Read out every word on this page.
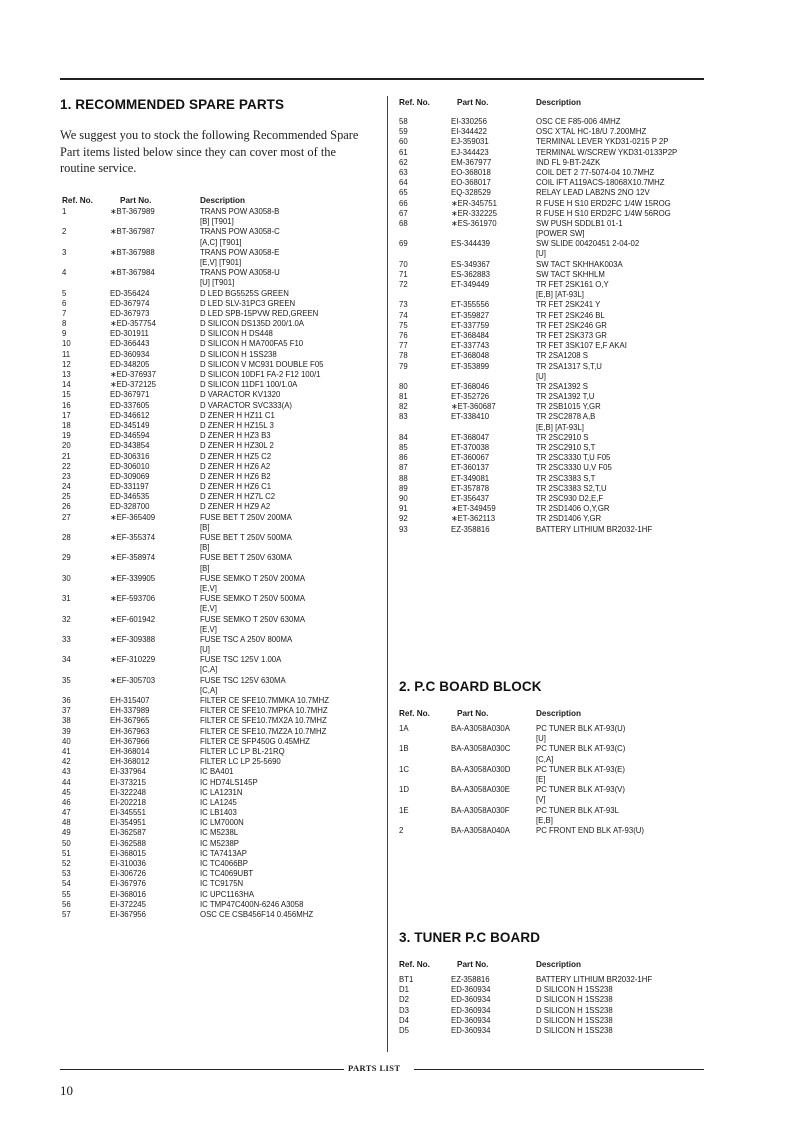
1. RECOMMENDED SPARE PARTS
We suggest you to stock the following Recommended Spare Part items listed below since they can cover most of the routine service.
Ref. No.	Part No.	Description
1	∗BT-367989	TRANS POW A3058-B
[B] [T901]
2	∗BT-367987	TRANS POW A3058-C
[A,C] [T901]
3	∗BT-367988	TRANS POW A3058-E
[E,V] [T901]
4	∗BT-367984	TRANS POW A3058-U
[U] [T901]
5	ED-356424	D LED BG5525S GREEN
6	ED-367974	D LED SLV-31PC3 GREEN
7	ED-367973	D LED SPB-15PVW RED,GREEN
8	∗ED-357754	D SILICON DS135D 200/1.0A
9	ED-301911	D SILICON H DS448
10	ED-366443	D SILICON H MA700FA5 F10
11	ED-360934	D SILICON H 1SS238
12	ED-348205	D SILICON V MC931 DOUBLE F05
13	∗ED-376937	D SILICON 10DF1 FA-2 F12 100/1
14	∗ED-372125	D SILICON 11DF1 100/1.0A
15	ED-367971	D VARACTOR KV1320
16	ED-337605	D VARACTOR SVC333(A)
17	ED-346612	D ZENER H HZ11 C1
18	ED-345149	D ZENER H HZ15L 3
19	ED-346594	D ZENER H HZ3 B3
20	ED-343854	D ZENER H HZ30L 2
21	ED-306316	D ZENER H HZ5 C2
22	ED-306010	D ZENER H HZ6 A2
23	ED-309069	D ZENER H HZ6 B2
24	ED-331197	D ZENER H HZ6 C1
25	ED-346535	D ZENER H HZ7L C2
26	ED-328700	D ZENER H HZ9 A2
27	∗EF-365409	FUSE BET T 250V 200MA
[B]
28	∗EF-355374	FUSE BET T 250V 500MA
[B]
29	∗EF-358974	FUSE BET T 250V 630MA
[B]
30	∗EF-339905	FUSE SEMKO T 250V 200MA
[E,V]
31	∗EF-593706	FUSE SEMKO T 250V 500MA
[E,V]
32	∗EF-601942	FUSE SEMKO T 250V 630MA
[E,V]
33	∗EF-309388	FUSE TSC A 250V 800MA
[U]
34	∗EF-310229	FUSE TSC 125V 1.00A
[C,A]
35	∗EF-305703	FUSE TSC 125V 630MA
[C,A]
36	EH-315407	FILTER CE SFE10.7MMKA 10.7MHZ
37	EH-337989	FILTER CE SFE10.7MPKA 10.7MHZ
38	EH-367965	FILTER CE SFE10.7MX2A 10.7MHZ
39	EH-367963	FILTER CE SFE10.7MZ2A 10.7MHZ
40	EH-367966	FILTER CE SFP450G 0.45MHZ
41	EH-368014	FILTER LC LP BL-21RQ
42	EH-368012	FILTER LC LP 25-5690
43	EI-337964	IC BA401
44	EI-373215	IC HD74LS145P
45	EI-322248	IC LA1231N
46	EI-202218	IC LA1245
47	EI-345551	IC LB1403
48	EI-354951	IC LM7000N
49	EI-362587	IC M5238L
50	EI-362588	IC M5238P
51	EI-368015	IC TA7413AP
52	EI-310036	IC TC4066BP
53	EI-306726	IC TC4069UBT
54	EI-367976	IC TC9175N
55	EI-368016	IC UPC1163HA
56	EI-372245	IC TMP47C400N-6246 A3058
57	EI-367956	OSC CE CSB456F14 0.456MHZ
Ref. No.	Part No.	Description
58	EI-330256	OSC CE F85-006 4MHZ
59	EI-344422	OSC X'TAL HC-18/U 7.200MHZ
60	EJ-359031	TERMINAL LEVER YKD31-0215 P 2P
61	EJ-344423	TERMINAL W/SCREW YKD31-0133P2P
62	EM-367977	IND FL 9-BT-24ZK
63	EO-368018	COIL DET 2 77-5074-04 10.7MHZ
64	EO-368017	COIL IFT A119ACS-18068X10.7MHZ
65	EQ-328529	RELAY LEAD LAB2NS 2NO 12V
66	∗ER-345751	R FUSE H S10 ERD2FC 1/4W 15ROG
67	∗ER-332225	R FUSE H S10 ERD2FC 1/4W 56ROG
68	∗ES-361970	SW PUSH SDDLB1 01-1
[POWER SW]
69	ES-344439	SW SLIDE 00420451 2-04-02
[U]
70	ES-349367	SW TACT SKHHAK003A
71	ES-362883	SW TACT SKHHLM
72	ET-349449	TR FET 2SK161 O,Y
[E,B] [AT-93L]
73	ET-355556	TR FET 2SK241 Y
74	ET-359827	TR FET 2SK246 BL
75	ET-337759	TR FET 2SK246 GR
76	ET-368484	TR FET 2SK373 GR
77	ET-337743	TR FET 3SK107 E,F AKAI
78	ET-368048	TR 2SA1208 S
79	ET-353899	TR 2SA1317 S,T,U
[U]
80	ET-368046	TR 2SA1392 S
81	ET-352726	TR 2SA1392 T,U
82	∗ET-360687	TR 2SB1015 Y,GR
83	ET-338410	TR 2SC2878 A,B
[E,B] [AT-93L]
84	ET-368047	TR 2SC2910 S
85	ET-370038	TR 2SC2910 S,T
86	ET-360067	TR 2SC3330 T,U F05
87	ET-360137	TR 2SC3330 U,V F05
88	ET-349081	TR 2SC3383 S,T
89	ET-357878	TR 2SC3383 S2,T,U
90	ET-356437	TR 2SC930 D2,E,F
91	∗ET-349459	TR 2SD1406 O,Y,GR
92	∗ET-362113	TR 2SD1406 Y,GR
93	EZ-358816	BATTERY LITHIUM BR2032-1HF
2. P.C BOARD BLOCK
Ref. No.	Part No.	Description
1A	BA-A3058A030A	PC TUNER BLK AT-93(U)
[U]
1B	BA-A3058A030C	PC TUNER BLK AT-93(C)
[C,A]
1C	BA-A3058A030D	PC TUNER BLK AT-93(E)
[E]
1D	BA-A3058A030E	PC TUNER BLK AT-93(V)
[V]
1E	BA-A3058A030F	PC TUNER BLK AT-93L
[E,B]
2	BA-A3058A040A	PC FRONT END BLK AT-93(U)
3. TUNER P.C BOARD
Ref. No.	Part No.	Description
BT1	EZ-358816	BATTERY LITHIUM BR2032-1HF
D1	ED-360934	D SILICON H 1SS238
D2	ED-360934	D SILICON H 1SS238
D3	ED-360934	D SILICON H 1SS238
D4	ED-360934	D SILICON H 1SS238
D5	ED-360934	D SILICON H 1SS238
PARTS LIST
10
